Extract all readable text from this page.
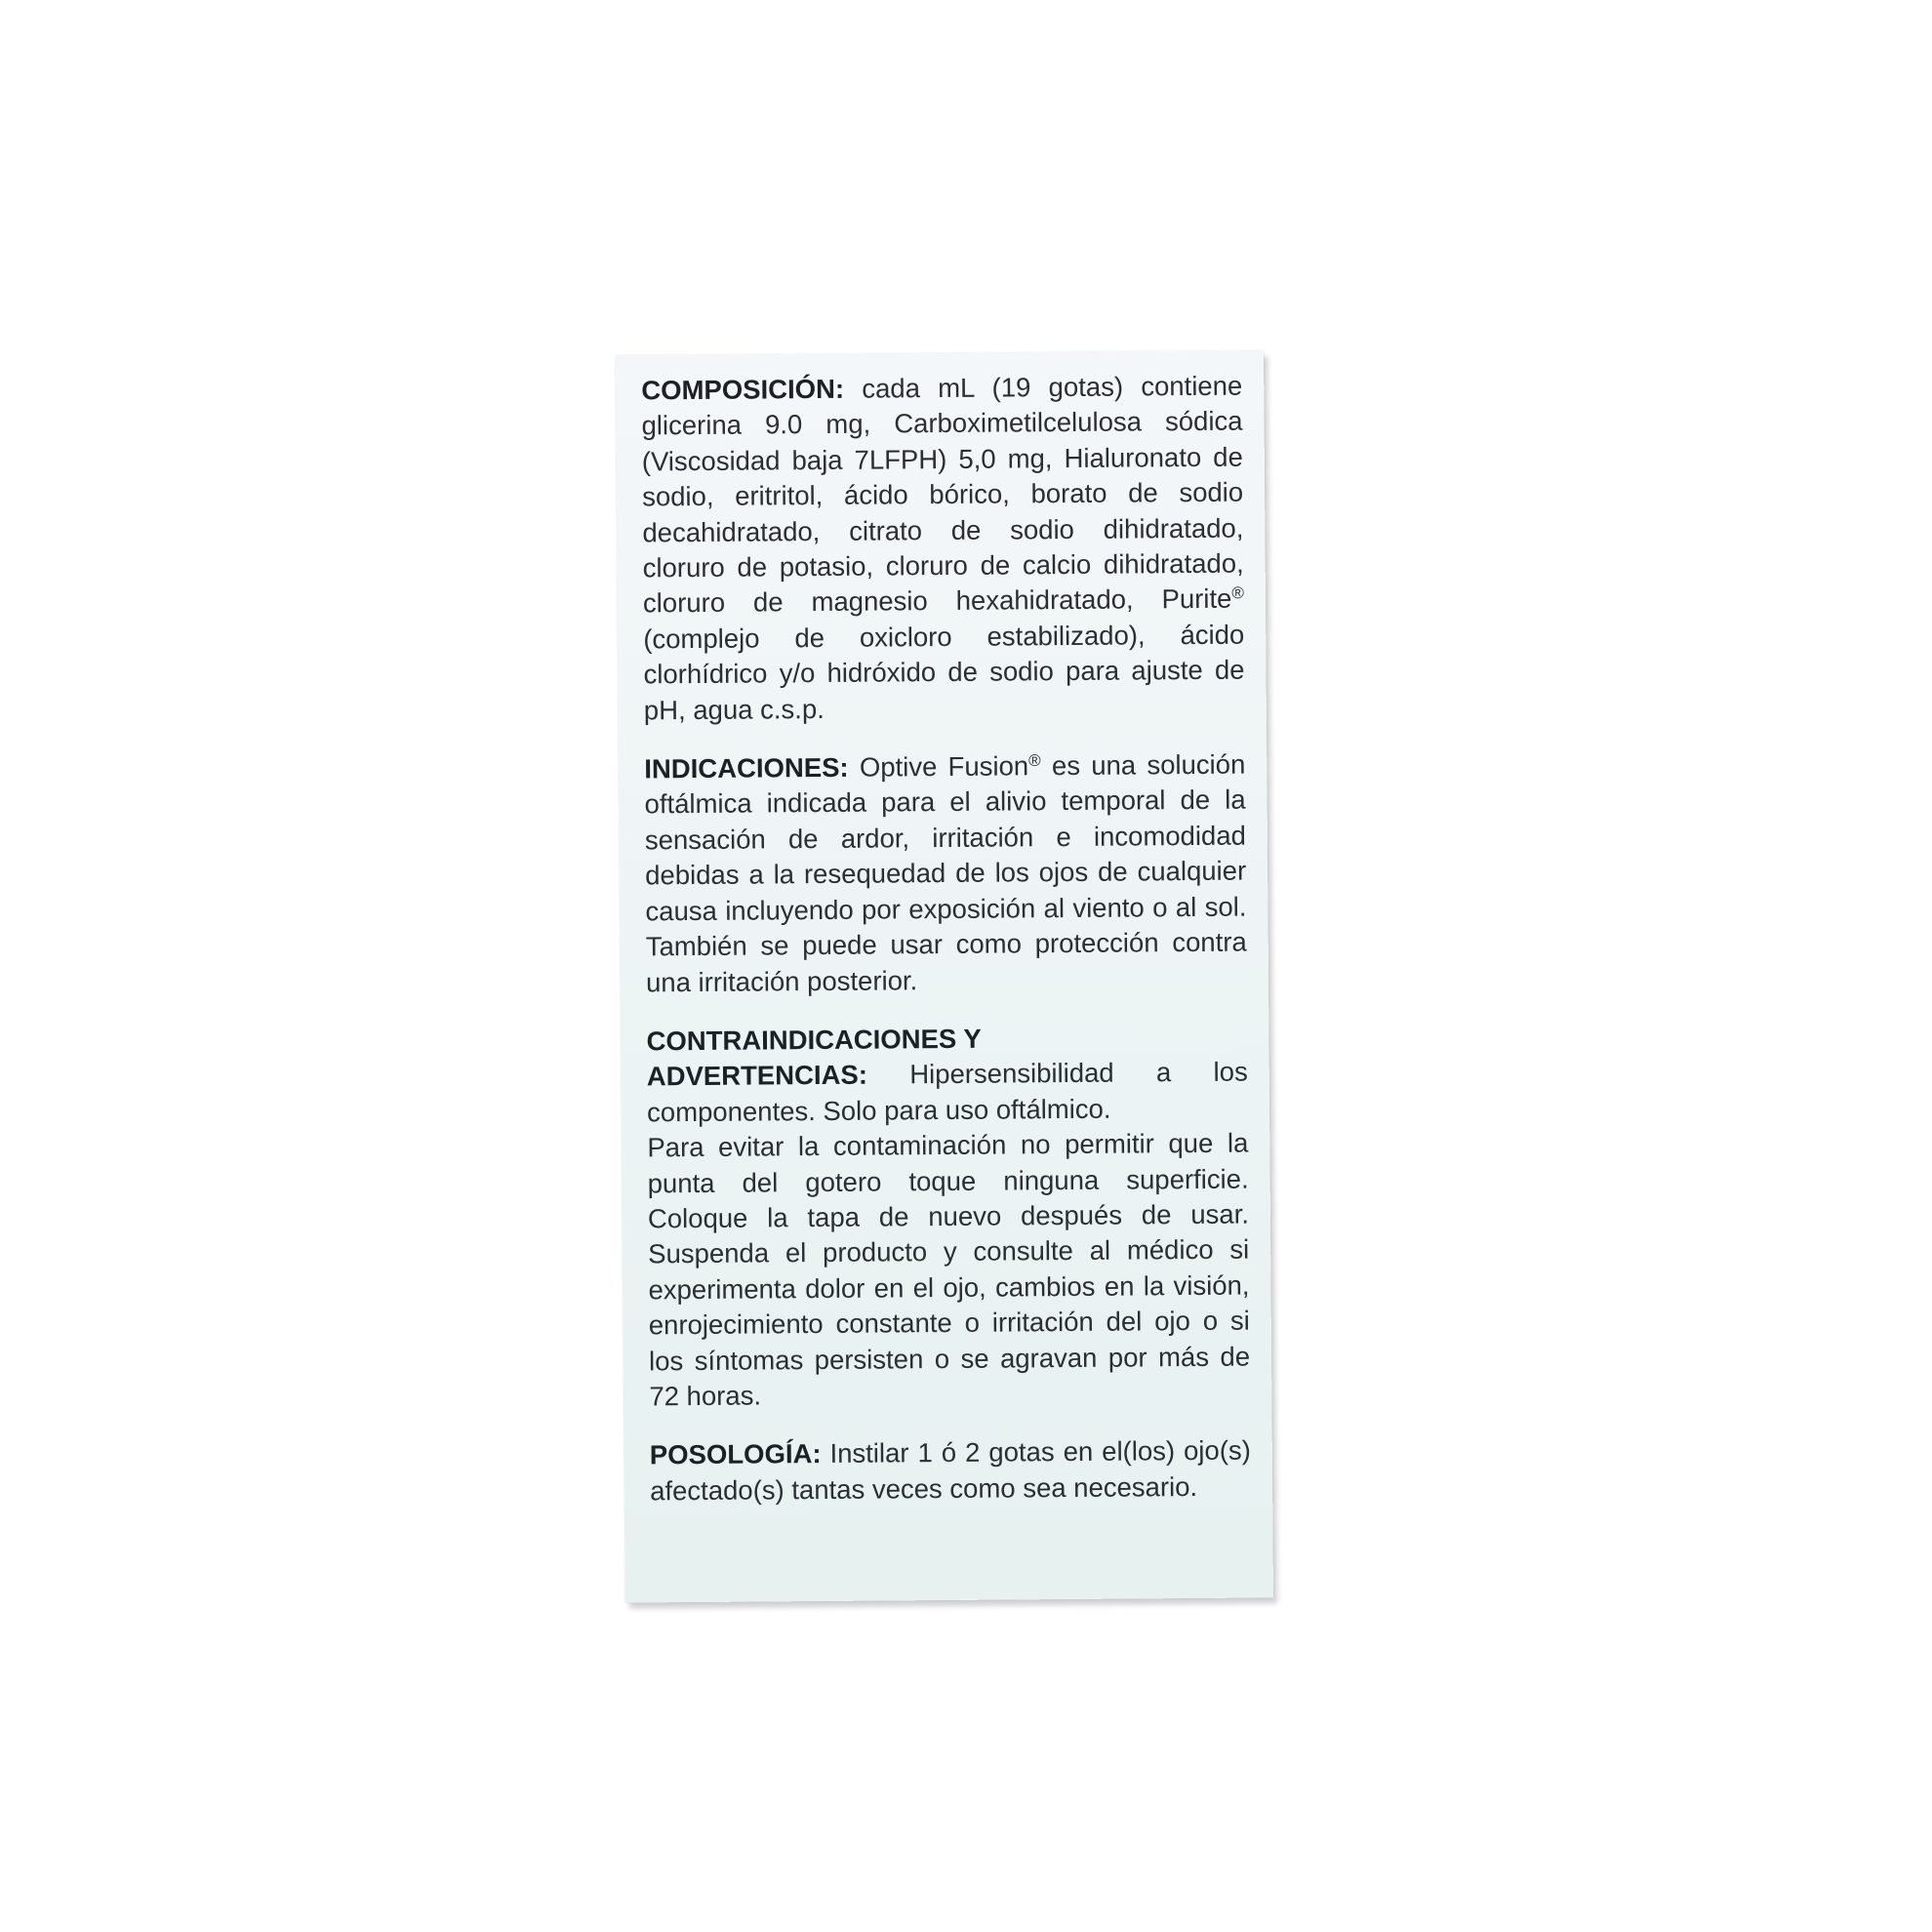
COMPOSICIÓN: cada mL (19 gotas) contiene glicerina 9.0 mg, Carboximetilcelulosa sódica (Viscosidad baja 7LFPH) 5,0 mg, Hialuronato de sodio, eritritol, ácido bórico, borato de sodio decahidratado, citrato de sodio dihidratado, cloruro de potasio, cloruro de calcio dihidratado, cloruro de magnesio hexahidratado, Purite® (complejo de oxicloro estabilizado), ácido clorhídrico y/o hidróxido de sodio para ajuste de pH, agua c.s.p.

INDICACIONES: Optive Fusion® es una solución oftálmica indicada para el alivio temporal de la sensación de ardor, irritación e incomodidad debidas a la resequedad de los ojos de cualquier causa incluyendo por exposición al viento o al sol. También se puede usar como protección contra una irritación posterior.

CONTRAINDICACIONES Y
ADVERTENCIAS: Hipersensibilidad a los componentes. Solo para uso oftálmico.
Para evitar la contaminación no permitir que la punta del gotero toque ninguna superficie. Coloque la tapa de nuevo después de usar. Suspenda el producto y consulte al médico si experimenta dolor en el ojo, cambios en la visión, enrojecimiento constante o irritación del ojo o si los síntomas persisten o se agravan por más de 72 horas.

POSOLOGÍA: Instilar 1 ó 2 gotas en el(los) ojo(s) afectado(s) tantas veces como sea necesario.
